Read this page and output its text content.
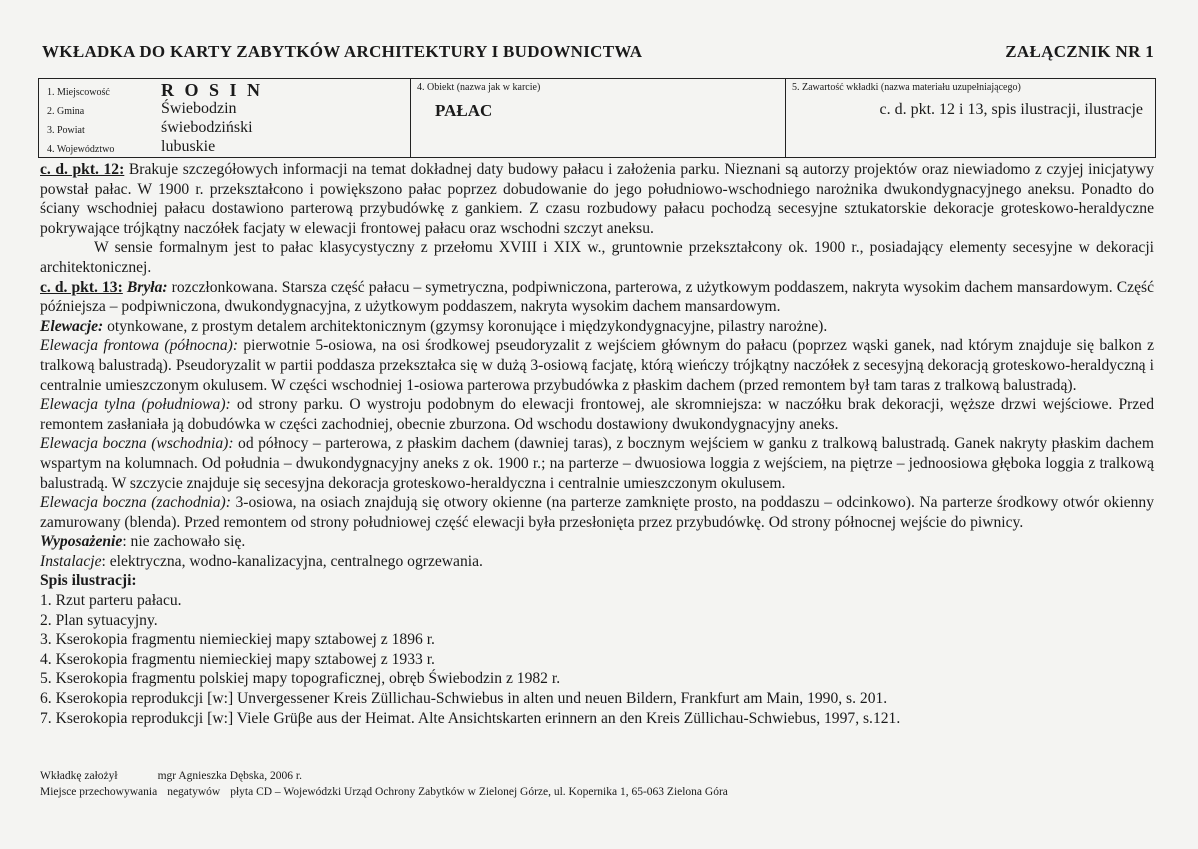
WKŁADKA DO KARTY ZABYTKÓW ARCHITEKTURY I BUDOWNICTWA	ZAŁĄCZNIK NR 1
1. Miejscowość	R O S I N
2. Gmina	Świebodzin
3. Powiat	świebodziński
4. Województwo	lubuskie
4. Obiekt (nazwa jak w karcie)
PAŁAC
5. Zawartość wkładki (nazwa materiału uzupełniającego)
c. d. pkt. 12 i 13, spis ilustracji, ilustracje

c. d. pkt. 12: Brakuje szczegółowych informacji na temat dokładnej daty budowy pałacu i założenia parku. Nieznani są autorzy projektów oraz niewiadomo z czyjej inicjatywy powstał pałac. W 1900 r. przekształcono i powiększono pałac poprzez dobudowanie do jego południowo-wschodniego narożnika dwukondygnacyjnego aneksu. Ponadto do ściany wschodniej pałacu dostawiono parterową przybudówkę z gankiem. Z czasu rozbudowy pałacu pochodzą secesyjne sztukatorskie dekoracje groteskowo-heraldyczne pokrywające trójkątny naczółek facjaty w elewacji frontowej pałacu oraz wschodni szczyt aneksu.

W sensie formalnym jest to pałac klasycystyczny z przełomu XVIII i XIX w., gruntownie przekształcony ok. 1900 r., posiadający elementy secesyjne w dekoracji architektonicznej.

c. d. pkt. 13: Bryła: rozczłonkowana. Starsza część pałacu – symetryczna, podpiwniczona, parterowa, z użytkowym poddaszem, nakryta wysokim dachem mansardowym. Część późniejsza – podpiwniczona, dwukondygnacyjna, z użytkowym poddaszem, nakryta wysokim dachem mansardowym.

Elewacje: otynkowane, z prostym detalem architektonicznym (gzymsy koronujące i międzykondygnacyjne, pilastry narożne).

Elewacja frontowa (północna): pierwotnie 5-osiowa, na osi środkowej pseudoryzalit z wejściem głównym do pałacu (poprzez wąski ganek, nad którym znajduje się balkon z tralkową balustradą). Pseudoryzalit w partii poddasza przekształca się w dużą 3-osiową facjatę, którą wieńczy trójkątny naczółek z secesyjną dekoracją groteskowo-heraldyczną i centralnie umieszczonym okulusem. W części wschodniej 1-osiowa parterowa przybudówka z płaskim dachem (przed remontem był tam taras z tralkową balustradą).

Elewacja tylna (południowa): od strony parku. O wystroju podobnym do elewacji frontowej, ale skromniejsza: w naczółku brak dekoracji, węższe drzwi wejściowe. Przed remontem zasłaniała ją dobudówka w części zachodniej, obecnie zburzona. Od wschodu dostawiony dwukondygnacyjny aneks.

Elewacja boczna (wschodnia): od północy – parterowa, z płaskim dachem (dawniej taras), z bocznym wejściem w ganku z tralkową balustradą. Ganek nakryty płaskim dachem wspartym na kolumnach. Od południa – dwukondygnacyjny aneks z ok. 1900 r.; na parterze – dwuosiowa loggia z wejściem, na piętrze – jednoosiowa głęboka loggia z tralkową balustradą. W szczycie znajduje się secesyjna dekoracja groteskowo-heraldyczna i centralnie umieszczonym okulusem.

Elewacja boczna (zachodnia): 3-osiowa, na osiach znajdują się otwory okienne (na parterze zamknięte prosto, na poddaszu – odcinkowo). Na parterze środkowy otwór okienny zamurowany (blenda). Przed remontem od strony południowej część elewacji była przesłonięta przez przybudówkę. Od strony północnej wejście do piwnicy.

Wyposażenie: nie zachowało się.

Instalacje: elektryczna, wodno-kanalizacyjna, centralnego ogrzewania.

Spis ilustracji:

1. Rzut parteru pałacu.

2. Plan sytuacyjny.

3. Kserokopia fragmentu niemieckiej mapy sztabowej z 1896 r.

4. Kserokopia fragmentu niemieckiej mapy sztabowej z 1933 r.

5. Kserokopia fragmentu polskiej mapy topograficznej, obręb Świebodzin z 1982 r.

6. Kserokopia reprodukcji [w:] Unvergessener Kreis Züllichau-Schwiebus in alten und neuen Bildern, Frankfurt am Main, 1990, s. 201.

7. Kserokopia reprodukcji [w:] Viele Grüβe aus der Heimat. Alte Ansichtskarten erinnern an den Kreis Züllichau-Schwiebus, 1997, s.121.

Wkładkę założył	mgr Agnieszka Dębska, 2006 r.
Miejsce przechowywania negatywów płyta CD – Wojewódzki Urząd Ochrony Zabytków w Zielonej Górze, ul. Kopernika 1, 65-063 Zielona Góra
